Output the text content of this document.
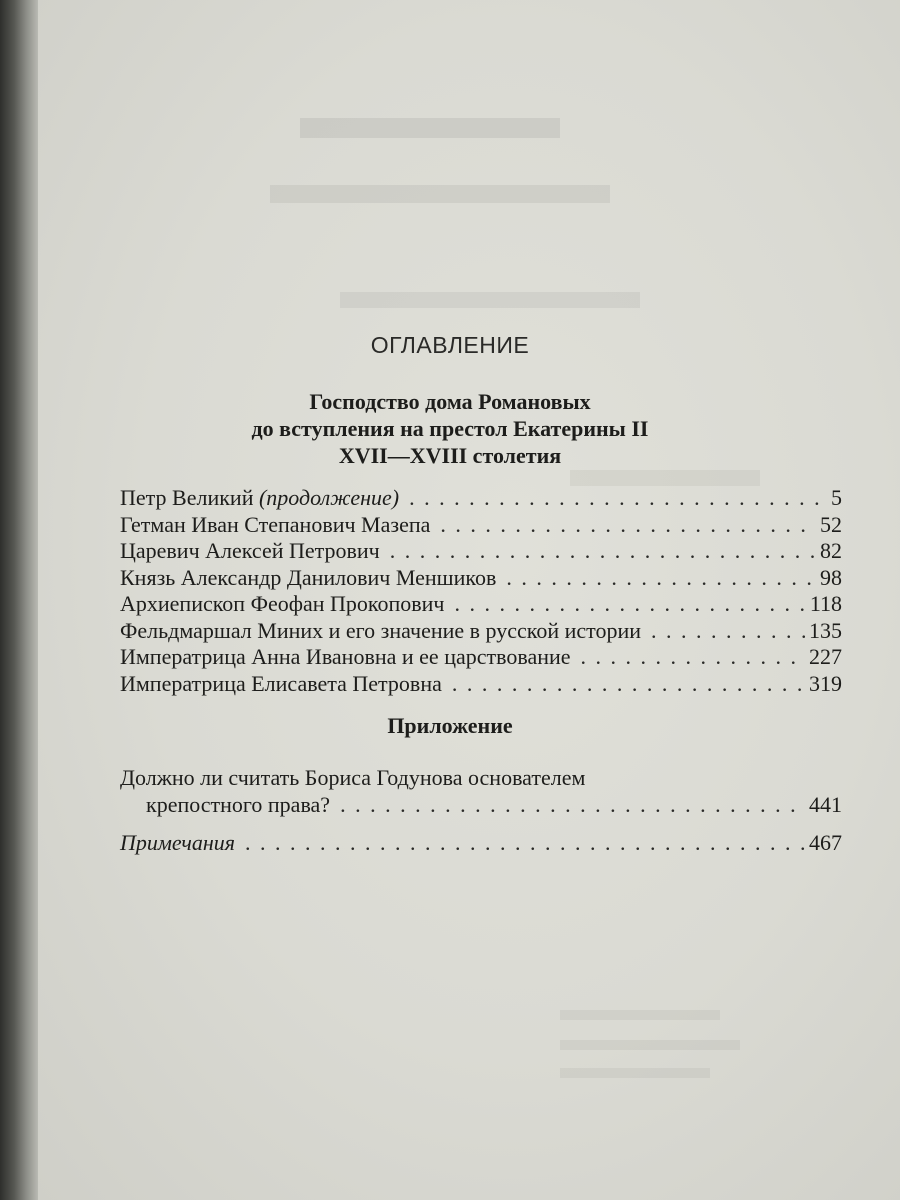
ОГЛАВЛЕНИЕ
Господство дома Романовых
до вступления на престол Екатерины II
XVII—XVIII столетия
Петр Великий (продолжение) . . .	5
Гетман Иван Степанович Мазепа . . .	52
Царевич Алексей Петрович . . .	82
Князь Александр Данилович Меншиков . . .	98
Архиепископ Феофан Прокопович . . .	118
Фельдмаршал Миних и его значение в русской истории . . .	135
Императрица Анна Ивановна и ее царствование . . .	227
Императрица Елисавета Петровна . . .	319
Приложение
Должно ли считать Бориса Годунова основателем
крепостного права? . . .	441
Примечания . . .	467
